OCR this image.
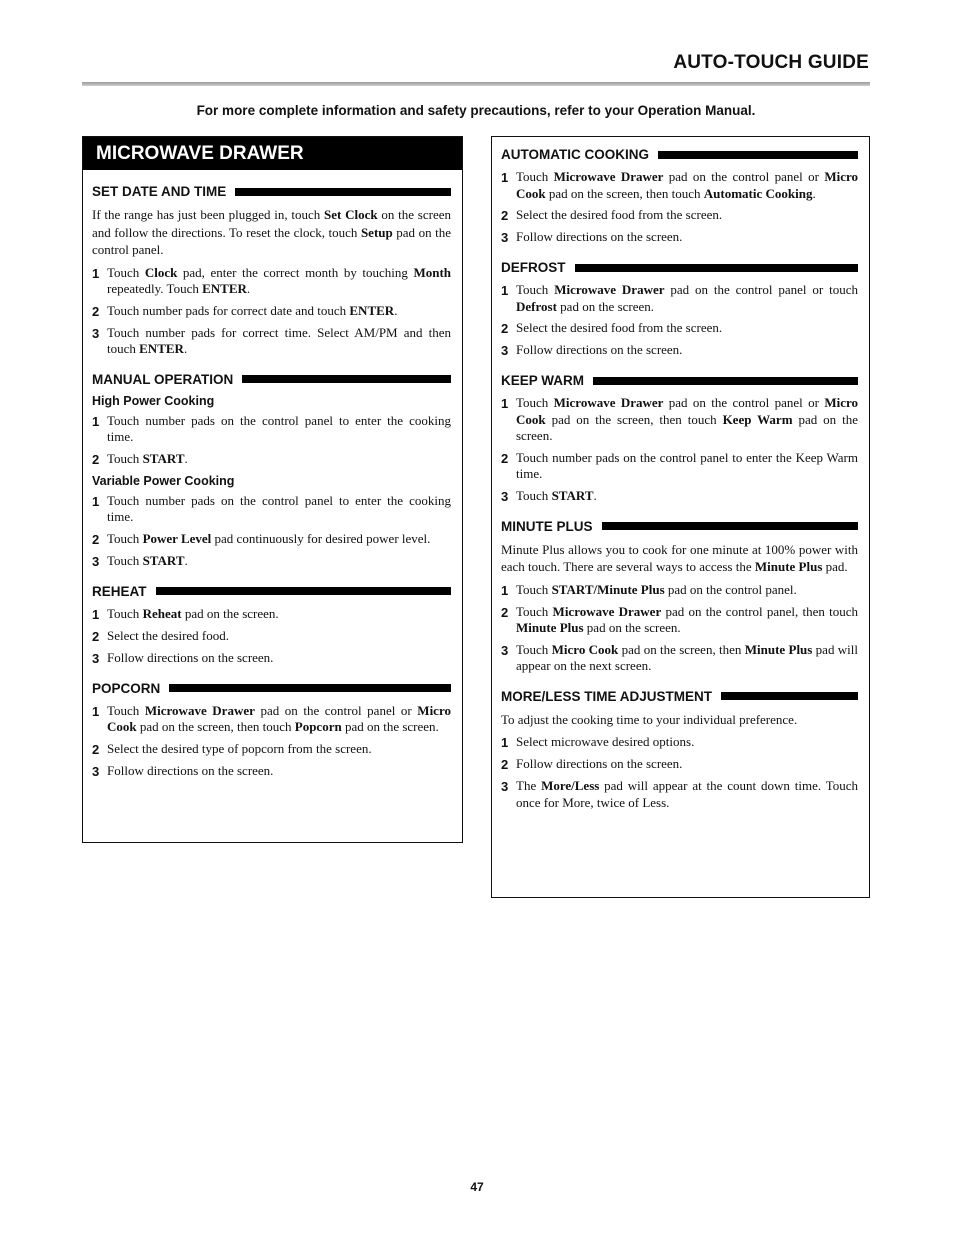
AUTO-TOUCH GUIDE
For more complete information and safety precautions, refer to your Operation Manual.
MICROWAVE DRAWER
SET DATE AND TIME

If the range has just been plugged in, touch Set Clock on the screen and follow the directions. To reset the clock, touch Setup pad on the control panel.

1 Touch Clock pad, enter the correct month by touching Month repeatedly. Touch ENTER.
2 Touch number pads for correct date and touch ENTER.
3 Touch number pads for correct time. Select AM/PM and then touch ENTER.
MANUAL OPERATION
High Power Cooking
1 Touch number pads on the control panel to enter the cooking time.
2 Touch START.
Variable Power Cooking
1 Touch number pads on the control panel to enter the cooking time.
2 Touch Power Level pad continuously for desired power level.
3 Touch START.
REHEAT
1 Touch Reheat pad on the screen.
2 Select the desired food.
3 Follow directions on the screen.
POPCORN
1 Touch Microwave Drawer pad on the control panel or Micro Cook pad on the screen, then touch Popcorn pad on the screen.
2 Select the desired type of popcorn from the screen.
3 Follow directions on the screen.
AUTOMATIC COOKING
1 Touch Microwave Drawer pad on the control panel or Micro Cook pad on the screen, then touch Automatic Cooking.
2 Select the desired food from the screen.
3 Follow directions on the screen.
DEFROST
1 Touch Microwave Drawer pad on the control panel or touch Defrost pad on the screen.
2 Select the desired food from the screen.
3 Follow directions on the screen.
KEEP WARM
1 Touch Microwave Drawer pad on the control panel or Micro Cook pad on the screen, then touch Keep Warm pad on the screen.
2 Touch number pads on the control panel to enter the Keep Warm time.
3 Touch START.
MINUTE PLUS

Minute Plus allows you to cook for one minute at 100% power with each touch. There are several ways to access the Minute Plus pad.

1 Touch START/Minute Plus pad on the control panel.
2 Touch Microwave Drawer pad on the control panel, then touch Minute Plus pad on the screen.
3 Touch Micro Cook pad on the screen, then Minute Plus pad will appear on the next screen.
MORE/LESS TIME ADJUSTMENT

To adjust the cooking time to your individual preference.

1 Select microwave desired options.
2 Follow directions on the screen.
3 The More/Less pad will appear at the count down time. Touch once for More, twice of Less.
47
